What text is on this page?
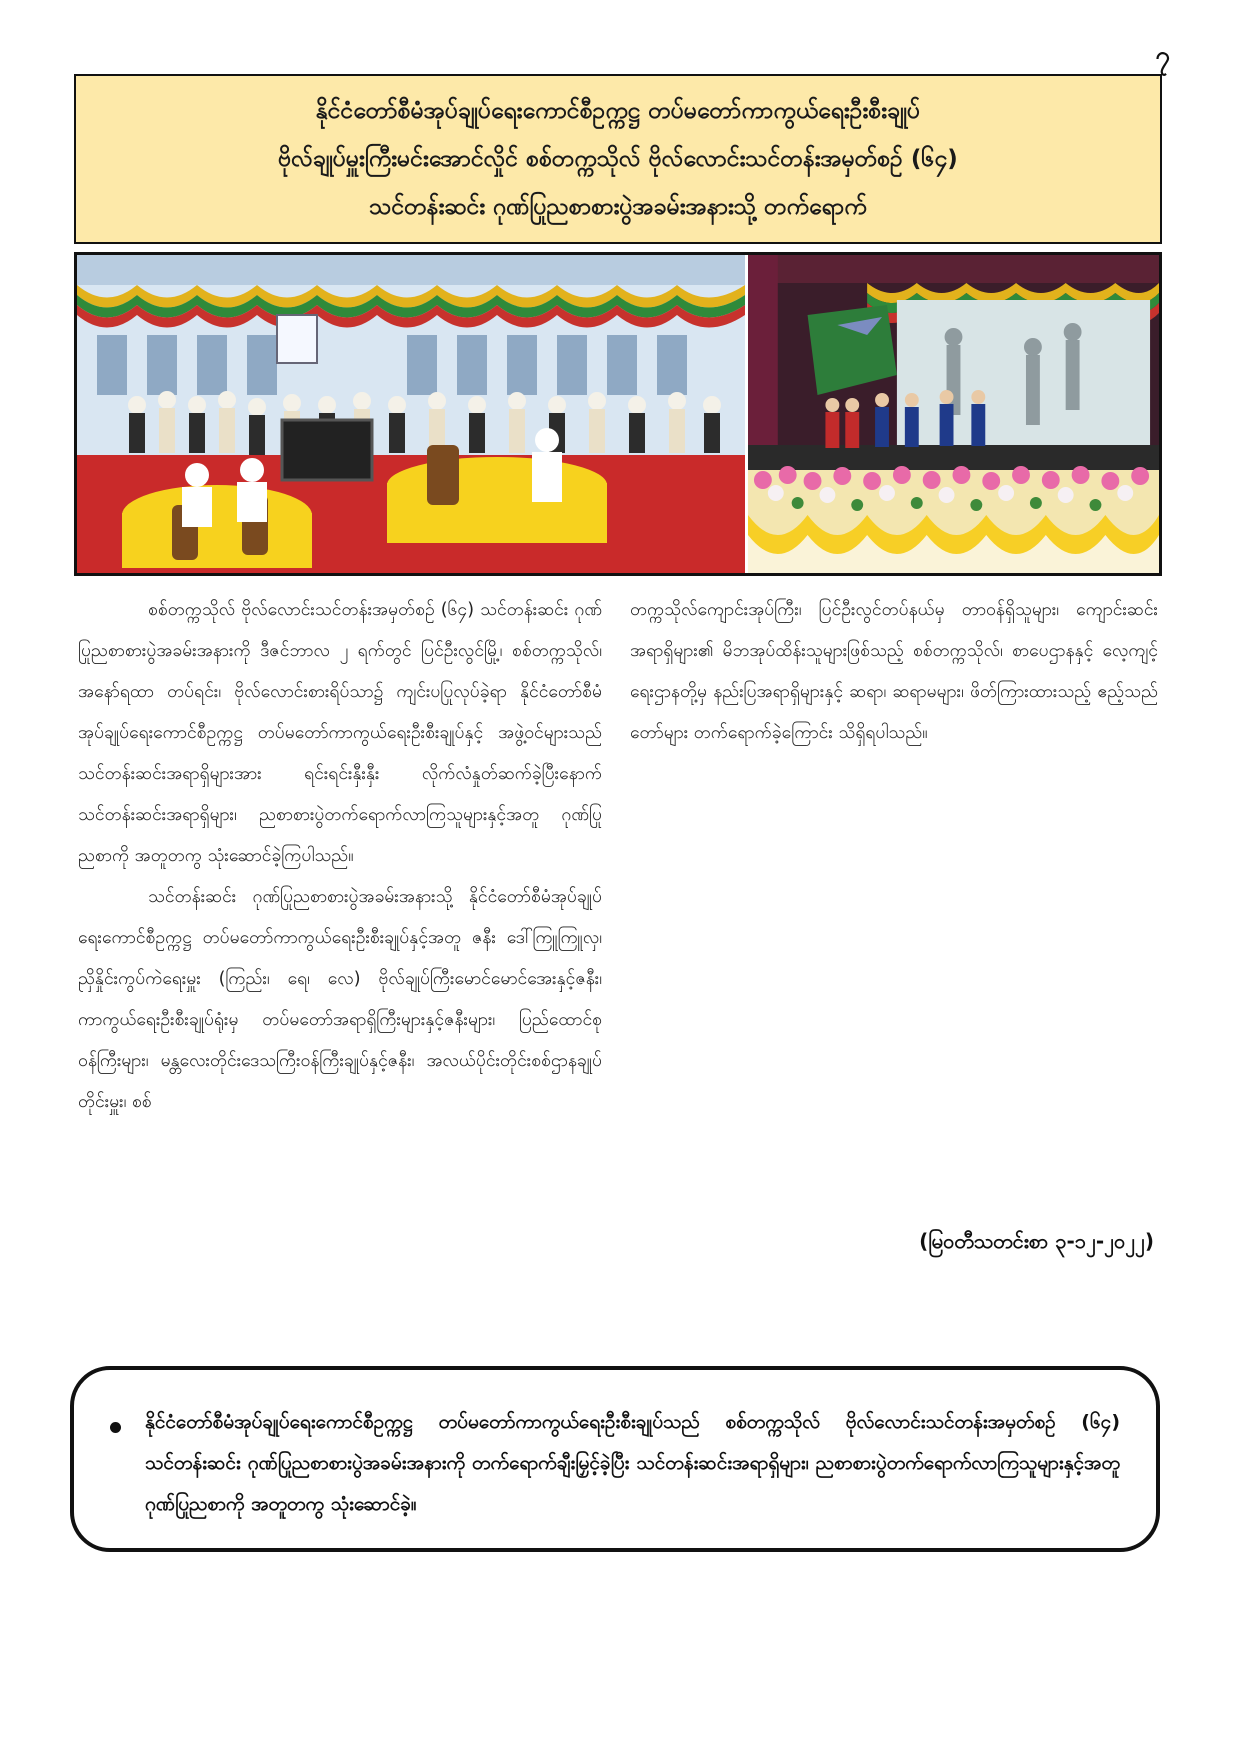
၇
နိုင်ငံတော်စီမံအုပ်ချုပ်ရေးကောင်စီဥက္ကဋ္ဌ တပ်မတော်ကာကွယ်ရေးဦးစီးချုပ်
ဗိုလ်ချုပ်မှူးကြီးမင်းအောင်လှိုင် စစ်တက္ကသိုလ် ဗိုလ်လောင်းသင်တန်းအမှတ်စဉ် (၆၄)
သင်တန်းဆင်း ဂုဏ်ပြုညစာစားပွဲအခမ်းအနားသို့ တက်ရောက်

စစ်တက္ကသိုလ် ဗိုလ်လောင်းသင်တန်းအမှတ်စဉ် (၆၄) သင်တန်းဆင်း ဂုဏ်ပြုညစာစားပွဲအခမ်းအနားကို ဒီဇင်ဘာလ ၂ ရက်တွင် ပြင်ဦးလွင်မြို့၊ စစ်တက္ကသိုလ်၊ အနော်ရထာ တပ်ရင်း၊ ဗိုလ်လောင်းစားရိပ်သာ၌ ကျင်းပပြုလုပ်ခဲ့ရာ နိုင်ငံတော်စီမံအုပ်ချုပ်ရေးကောင်စီဥက္ကဋ္ဌ တပ်မတော်ကာကွယ်ရေးဦးစီးချုပ်နှင့် အဖွဲ့ဝင်များသည် သင်တန်းဆင်းအရာရှိများအား ရင်းရင်းနှီးနှီး လိုက်လံနှုတ်ဆက်ခဲ့ပြီးနောက် သင်တန်းဆင်းအရာရှိများ၊ ညစာစားပွဲတက်ရောက်လာကြသူများနှင့်အတူ ဂုဏ်ပြုညစာကို အတူတကွ သုံးဆောင်ခဲ့ကြပါသည်။

သင်တန်းဆင်း ဂုဏ်ပြုညစာစားပွဲအခမ်းအနားသို့ နိုင်ငံတော်စီမံအုပ်ချုပ်ရေးကောင်စီဥက္ကဋ္ဌ တပ်မတော်ကာကွယ်ရေးဦးစီးချုပ်နှင့်အတူ ဇနီး ဒေါ်ကြူကြူလှ၊ ညှိနှိုင်းကွပ်ကဲရေးမှူး (ကြည်း၊ ရေ၊ လေ) ဗိုလ်ချုပ်ကြီးမောင်မောင်အေးနှင့်ဇနီး၊ ကာကွယ်ရေးဦးစီးချုပ်ရုံးမှ တပ်မတော်အရာရှိကြီးများနှင့်ဇနီးများ၊ ပြည်ထောင်စုဝန်ကြီးများ၊ မန္တလေးတိုင်းဒေသကြီးဝန်ကြီးချုပ်နှင့်ဇနီး၊ အလယ်ပိုင်းတိုင်းစစ်ဌာနချုပ်တိုင်းမှူး၊ စစ်

တက္ကသိုလ်ကျောင်းအုပ်ကြီး၊ ပြင်ဦးလွင်တပ်နယ်မှ တာဝန်ရှိသူများ၊ ကျောင်းဆင်းအရာရှိများ၏ မိဘအုပ်ထိန်းသူများဖြစ်သည့် စစ်တက္ကသိုလ်၊ စာပေဌာနနှင့် လေ့ကျင့်ရေးဌာနတို့မှ နည်းပြအရာရှိများနှင့် ဆရာ၊ ဆရာမများ၊ ဖိတ်ကြားထားသည့် ဧည့်သည်တော်များ တက်ရောက်ခဲ့ကြောင်း သိရှိရပါသည်။

(မြဝတီသတင်းစာ ၃-၁၂-၂၀၂၂)
နိုင်ငံတော်စီမံအုပ်ချုပ်ရေးကောင်စီဥက္ကဋ္ဌ တပ်မတော်ကာကွယ်ရေးဦးစီးချုပ်သည် စစ်တက္ကသိုလ် ဗိုလ်လောင်းသင်တန်းအမှတ်စဉ် (၆၄) သင်တန်းဆင်း ဂုဏ်ပြုညစာစားပွဲအခမ်းအနားကို တက်ရောက်ချီးမြှင့်ခဲ့ပြီး သင်တန်းဆင်းအရာရှိများ၊ ညစာစားပွဲတက်ရောက်လာကြသူများနှင့်အတူ ဂုဏ်ပြုညစာကို အတူတကွ သုံးဆောင်ခဲ့။
